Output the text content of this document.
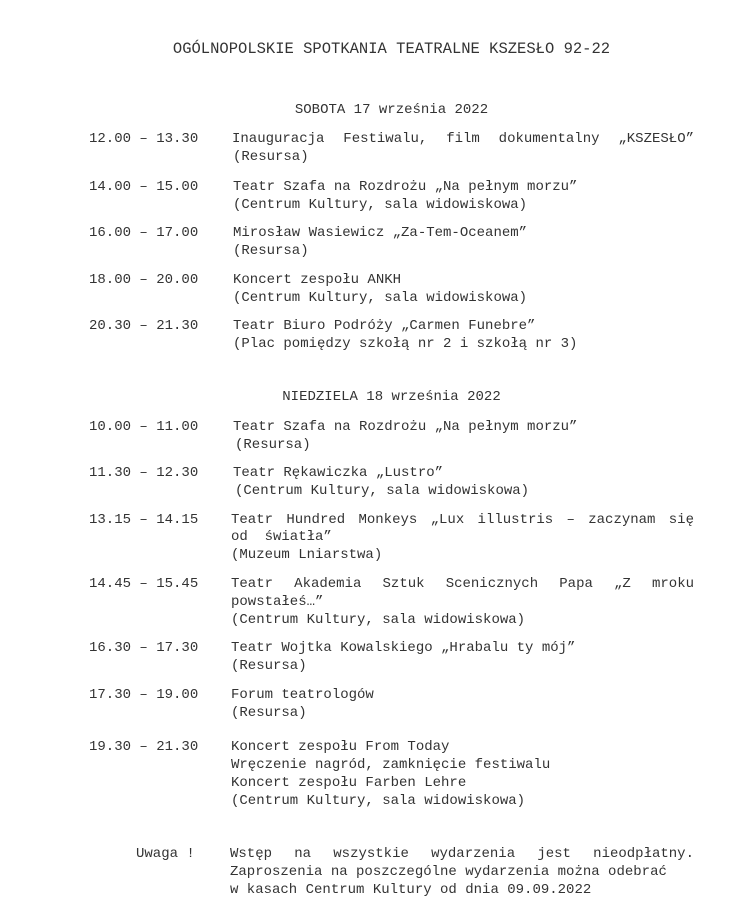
OGÓLNOPOLSKIE SPOTKANIA TEATRALNE KSZESŁO 92-22
SOBOTA 17 września 2022
12.00 – 13.30 Inauguracja Festiwalu, film dokumentalny „KSZESŁO”
(Resursa)
14.00 – 15.00 Teatr Szafa na Rozdrożu „Na pełnym morzu”
(Centrum Kultury, sala widowiskowa)
16.00 – 17.00 Mirosław Wasiewicz „Za-Tem-Oceanem”
(Resursa)
18.00 – 20.00 Koncert zespołu ANKH
(Centrum Kultury, sala widowiskowa)
20.30 – 21.30 Teatr Biuro Podróży „Carmen Funebre”
(Plac pomiędzy szkołą nr 2 i szkołą nr 3)
NIEDZIELA 18 września 2022
10.00 – 11.00 Teatr Szafa na Rozdrożu „Na pełnym morzu”
(Resursa)
11.30 – 12.30 Teatr Rękawiczka „Lustro”
(Centrum Kultury, sala widowiskowa)
13.15 – 14.15 Teatr Hundred Monkeys „Lux illustris – zaczynam się
od  światła”
(Muzeum Lniarstwa)
14.45 – 15.45 Teatr Akademia Sztuk Scenicznych Papa „Z mroku
powstałeś…”
(Centrum Kultury, sala widowiskowa)
16.30 – 17.30 Teatr Wojtka Kowalskiego „Hrabalu ty mój”
(Resursa)
17.30 – 19.00 Forum teatrologów
(Resursa)
19.30 – 21.30 Koncert zespołu From Today
Wręczenie nagród, zamknięcie festiwalu
Koncert zespołu Farben Lehre
(Centrum Kultury, sala widowiskowa)
Uwaga !	Wstęp na wszystkie wydarzenia jest nieodpłatny.
Zaproszenia na poszczególne wydarzenia można odebrać
w kasach Centrum Kultury od dnia 09.09.2022
